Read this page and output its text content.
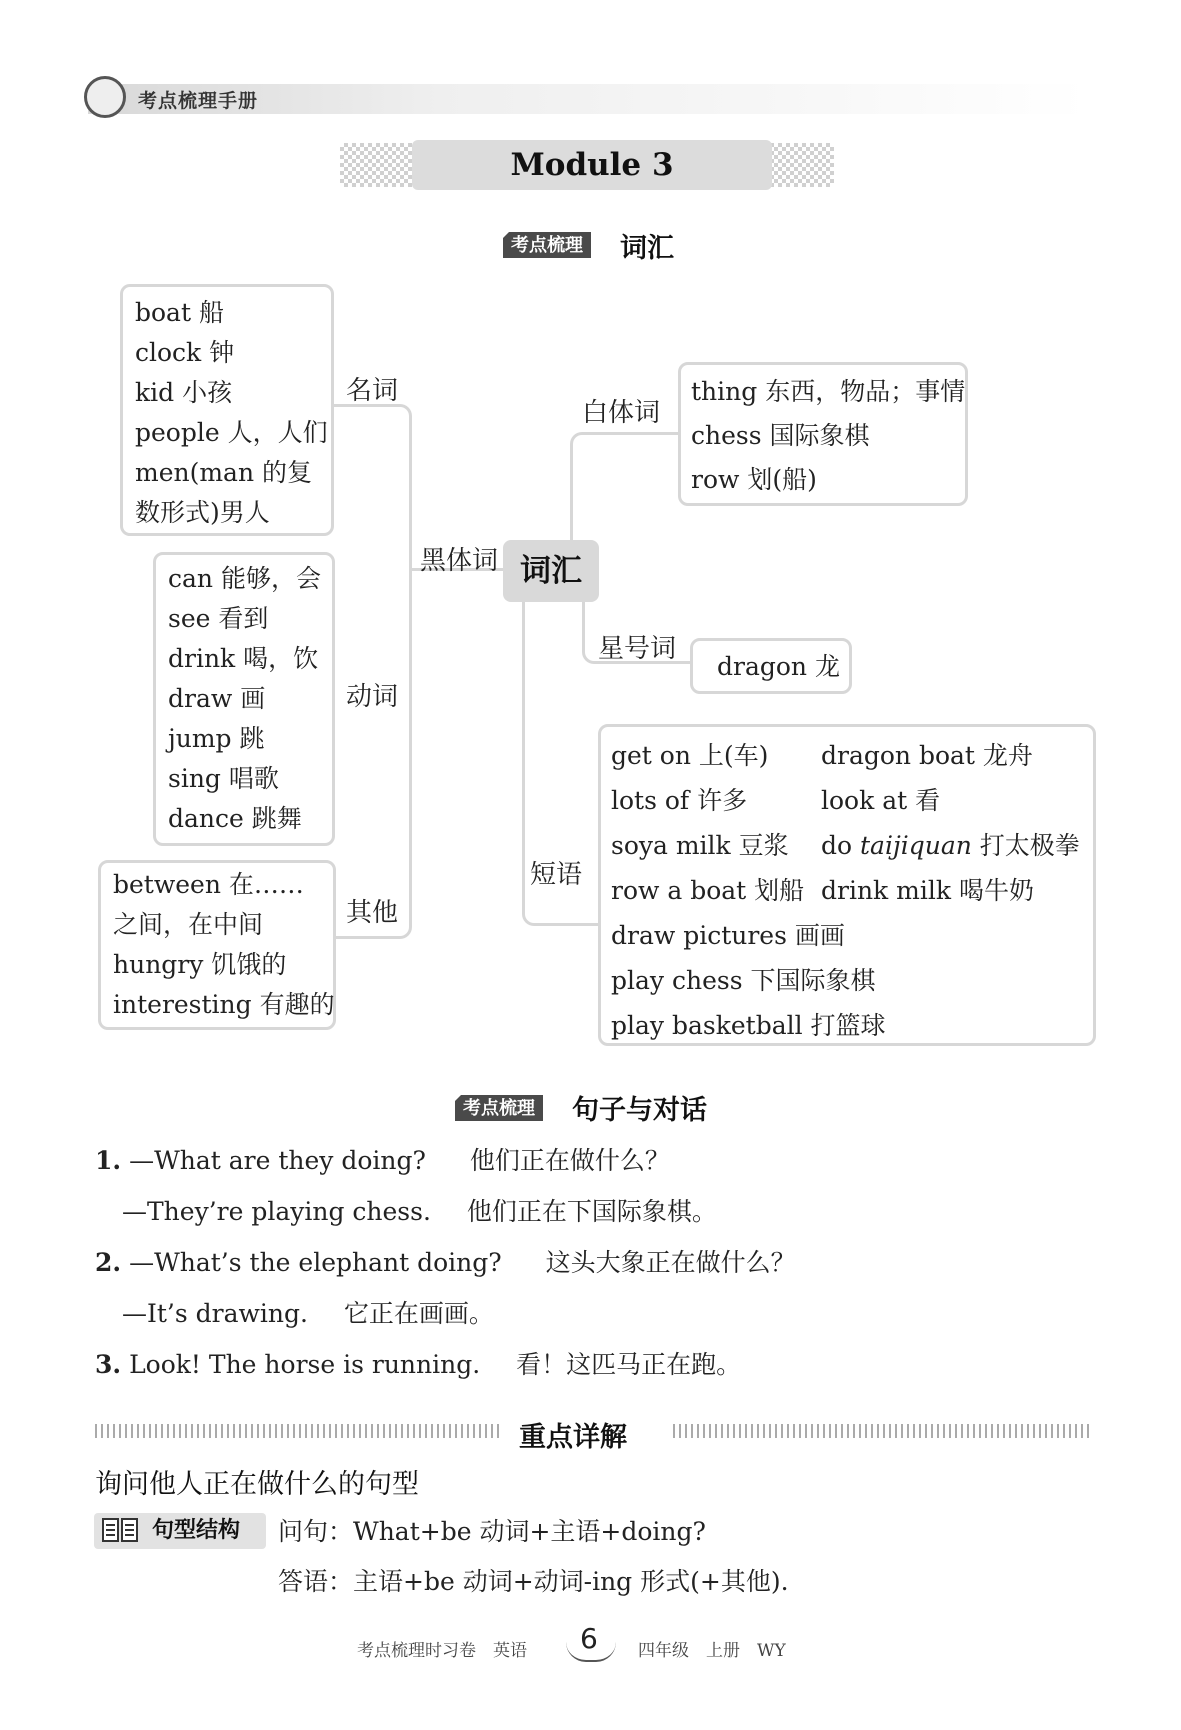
考点梳理手册
Module 3
考点梳理 词汇
boat 船
clock 钟
kid 小孩
people 人，人们
men(man 的复
数形式)男人
名词
can 能够，会
see 看到
drink 喝，饮
draw 画
jump 跳
sing 唱歌
dance 跳舞
动词
between 在……
之间，在中间
hungry 饥饿的
interesting 有趣的
其他
黑体词 词汇
白体词
thing 东西，物品；事情
chess 国际象棋
row 划(船)
星号词
dragon 龙
短语
get on 上(车)
lots of 许多
soya milk 豆浆
row a boat 划船
draw pictures 画画
play chess 下国际象棋
play basketball 打篮球
dragon boat 龙舟
look at 看
do taijiquan 打太极拳
drink milk 喝牛奶
考点梳理 句子与对话
1. —What are they doing? 他们正在做什么？
—They’re playing chess. 他们正在下国际象棋。
2. —What’s the elephant doing? 这头大象正在做什么？
—It’s drawing. 它正在画画。
3. Look! The horse is running. 看！这匹马正在跑。
重点详解
询问他人正在做什么的句型
句型结构	问句：What+be 动词+主语+doing?
答语：主语+be 动词+动词-ing 形式(+其他).
考点梳理时习卷　英语 6 四年级　上册　WY
